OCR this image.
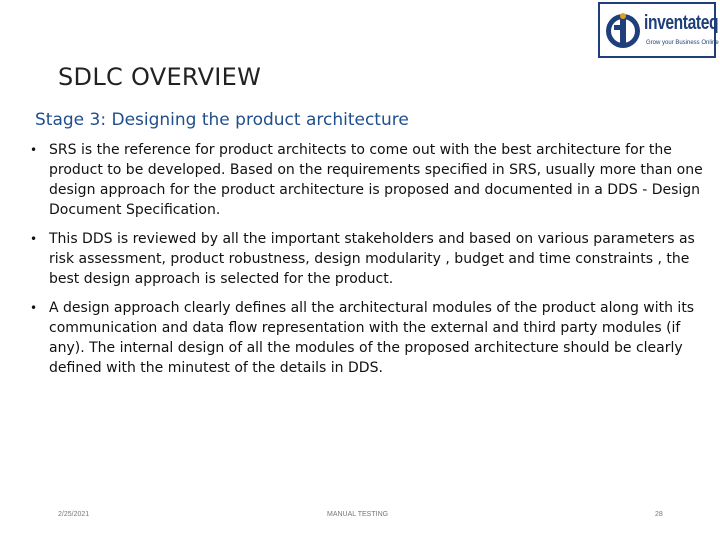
inventateq
Grow your Business Online
SDLC OVERVIEW
Stage 3: Designing the product architecture
• SRS is the reference for product architects to come out with the best architecture for the product to be developed. Based on the requirements specified in SRS, usually more than one design approach for the product architecture is proposed and documented in a DDS - Design Document Specification.
• This DDS is reviewed by all the important stakeholders and based on various parameters as risk assessment, product robustness, design modularity , budget and time constraints , the best design approach is selected for the product.
• A design approach clearly defines all the architectural modules of the product along with its communication and data flow representation with the external and third party modules (if any). The internal design of all the modules of the proposed architecture should be clearly defined with the minutest of the details in DDS.
2/25/2021	MANUAL TESTING	28
